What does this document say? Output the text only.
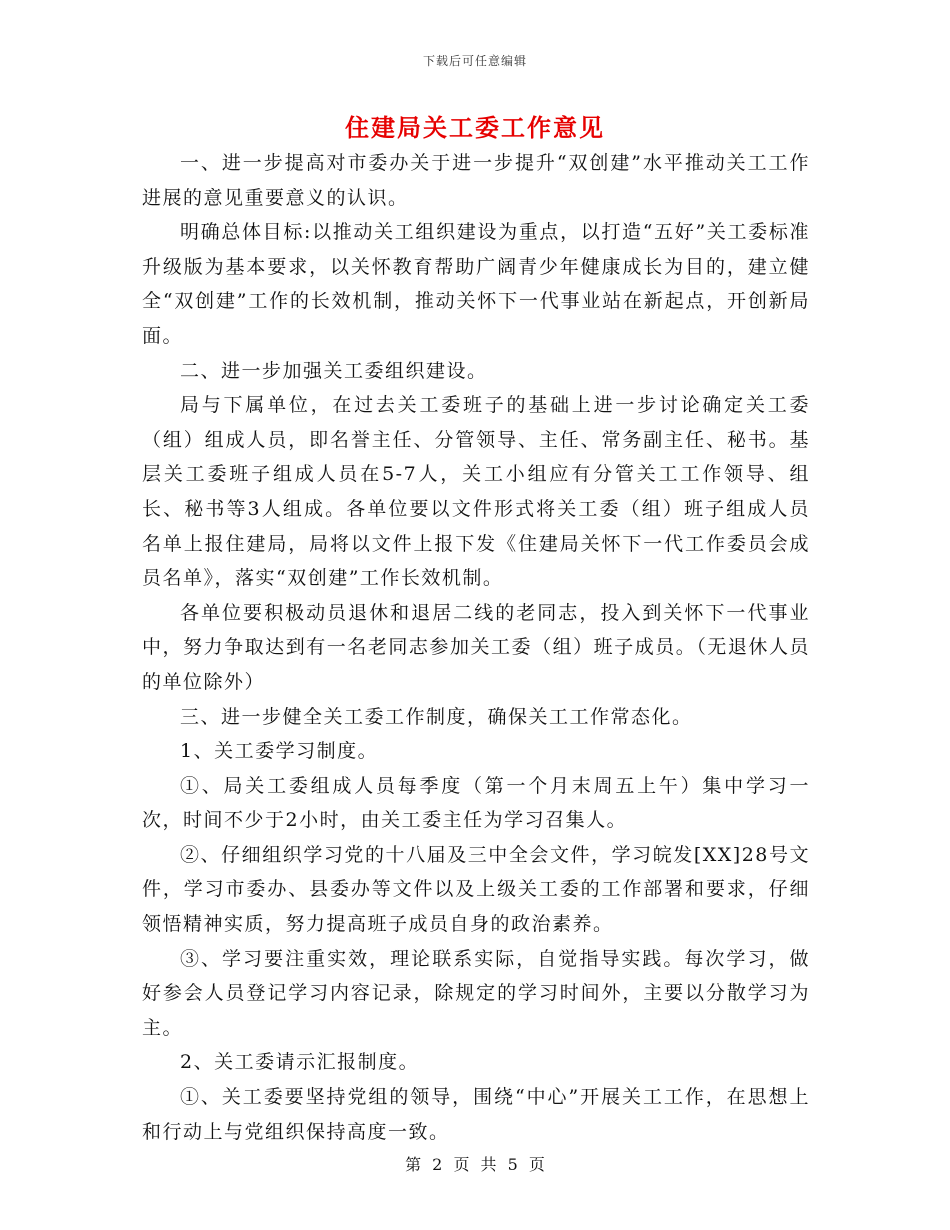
下载后可任意编辑
住建局关工委工作意见

一、进一步提高对市委办关于进一步提升“双创建”水平推动关工工作进展的意见重要意义的认识。

明确总体目标:以推动关工组织建设为重点，以打造“五好”关工委标准升级版为基本要求，以关怀教育帮助广阔青少年健康成长为目的，建立健全“双创建”工作的长效机制，推动关怀下一代事业站在新起点，开创新局面。

二、进一步加强关工委组织建设。

局与下属单位，在过去关工委班子的基础上进一步讨论确定关工委（组）组成人员，即名誉主任、分管领导、主任、常务副主任、秘书。基层关工委班子组成人员在5-7人，关工小组应有分管关工工作领导、组长、秘书等3人组成。各单位要以文件形式将关工委（组）班子组成人员名单上报住建局，局将以文件上报下发《住建局关怀下一代工作委员会成员名单》，落实“双创建”工作长效机制。

各单位要积极动员退休和退居二线的老同志，投入到关怀下一代事业中，努力争取达到有一名老同志参加关工委（组）班子成员。（无退休人员的单位除外）

三、进一步健全关工委工作制度，确保关工工作常态化。

1、关工委学习制度。

①、局关工委组成人员每季度（第一个月末周五上午）集中学习一次，时间不少于2小时，由关工委主任为学习召集人。

②、仔细组织学习党的十八届及三中全会文件，学习皖发[XX]28号文件，学习市委办、县委办等文件以及上级关工委的工作部署和要求，仔细领悟精神实质，努力提高班子成员自身的政治素养。

③、学习要注重实效，理论联系实际，自觉指导实践。每次学习，做好参会人员登记学习内容记录，除规定的学习时间外，主要以分散学习为主。

2、关工委请示汇报制度。

①、关工委要坚持党组的领导，围绕“中心”开展关工工作，在思想上和行动上与党组织保持高度一致。

第 2 页 共 5 页
